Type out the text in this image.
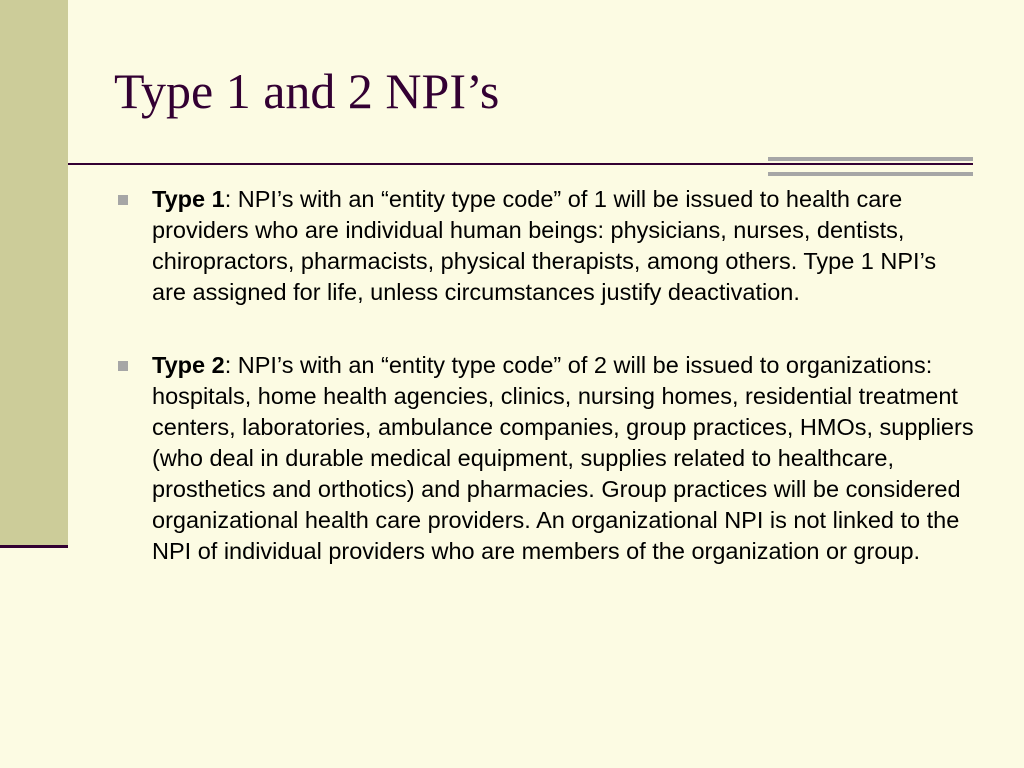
Type 1 and 2 NPI’s
Type 1: NPI’s with an “entity type code” of 1 will be issued to health care providers who are individual human beings: physicians, nurses, dentists, chiropractors, pharmacists, physical therapists, among others. Type 1 NPI’s are assigned for life, unless circumstances justify deactivation.
Type 2: NPI’s with an “entity type code” of 2 will be issued to organizations: hospitals, home health agencies, clinics, nursing homes, residential treatment centers, laboratories, ambulance companies, group practices, HMOs, suppliers (who deal in durable medical equipment, supplies related to healthcare, prosthetics and orthotics) and pharmacies. Group practices will be considered organizational health care providers. An organizational NPI is not linked to the NPI of individual providers who are members of the organization or group.
